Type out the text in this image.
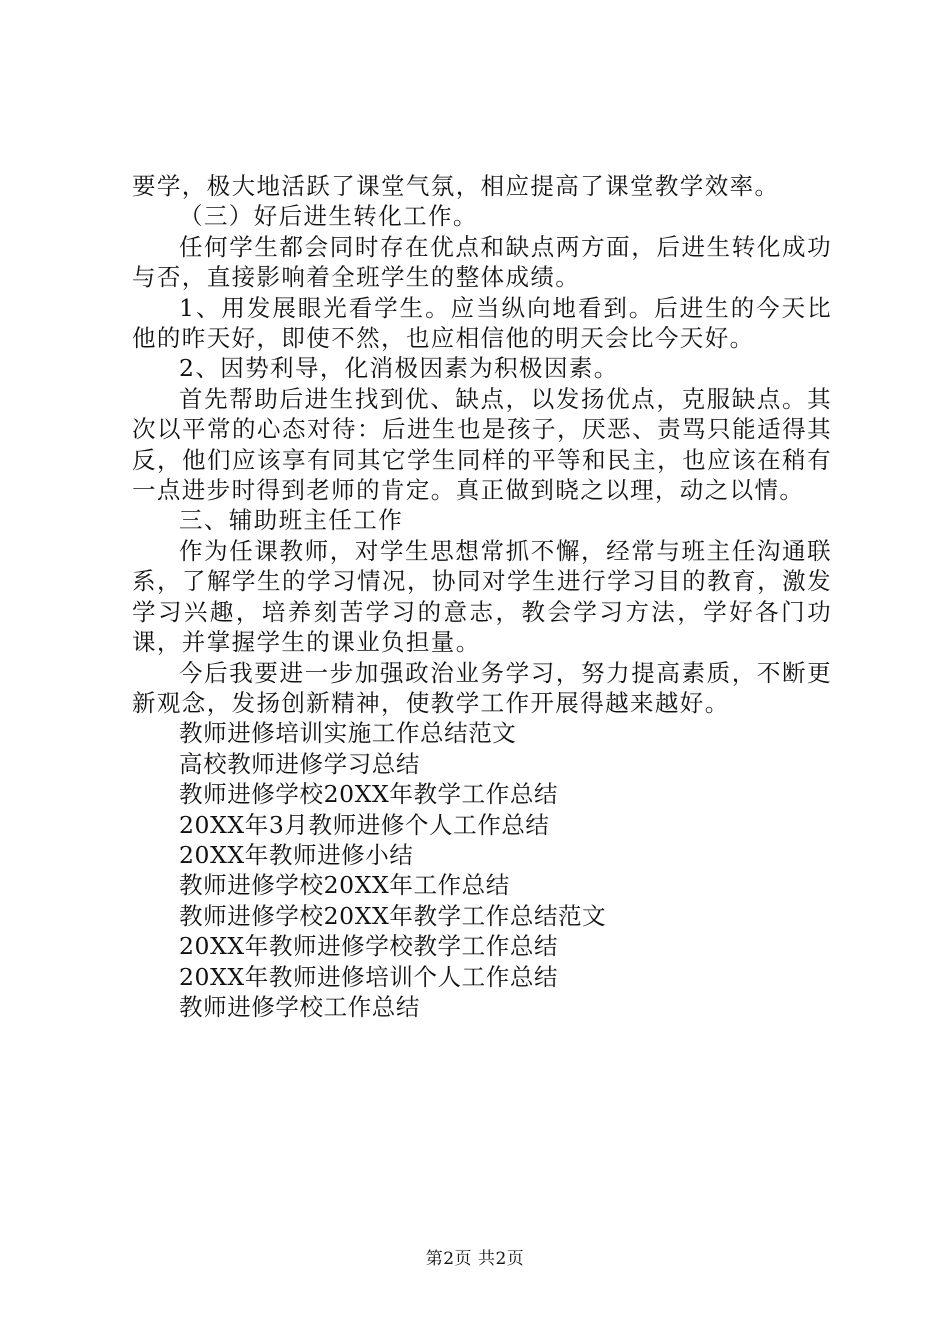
要学，极大地活跃了课堂气氛，相应提高了课堂教学效率。

（三）好后进生转化工作。

任何学生都会同时存在优点和缺点两方面，后进生转化成功与否，直接影响着全班学生的整体成绩。

1、用发展眼光看学生。应当纵向地看到。后进生的今天比他的昨天好，即使不然，也应相信他的明天会比今天好。

2、因势利导，化消极因素为积极因素。

首先帮助后进生找到优、缺点，以发扬优点，克服缺点。其次以平常的心态对待：后进生也是孩子，厌恶、责骂只能适得其反，他们应该享有同其它学生同样的平等和民主，也应该在稍有一点进步时得到老师的肯定。真正做到晓之以理，动之以情。

三、辅助班主任工作

作为任课教师，对学生思想常抓不懈，经常与班主任沟通联系，了解学生的学习情况，协同对学生进行学习目的教育，激发学习兴趣，培养刻苦学习的意志，教会学习方法，学好各门功课，并掌握学生的课业负担量。

今后我要进一步加强政治业务学习，努力提高素质，不断更新观念，发扬创新精神，使教学工作开展得越来越好。

教师进修培训实施工作总结范文
高校教师进修学习总结
教师进修学校20XX年教学工作总结
20XX年3月教师进修个人工作总结
20XX年教师进修小结
教师进修学校20XX年工作总结
教师进修学校20XX年教学工作总结范文
20XX年教师进修学校教学工作总结
20XX年教师进修培训个人工作总结
教师进修学校工作总结
第2页 共2页
